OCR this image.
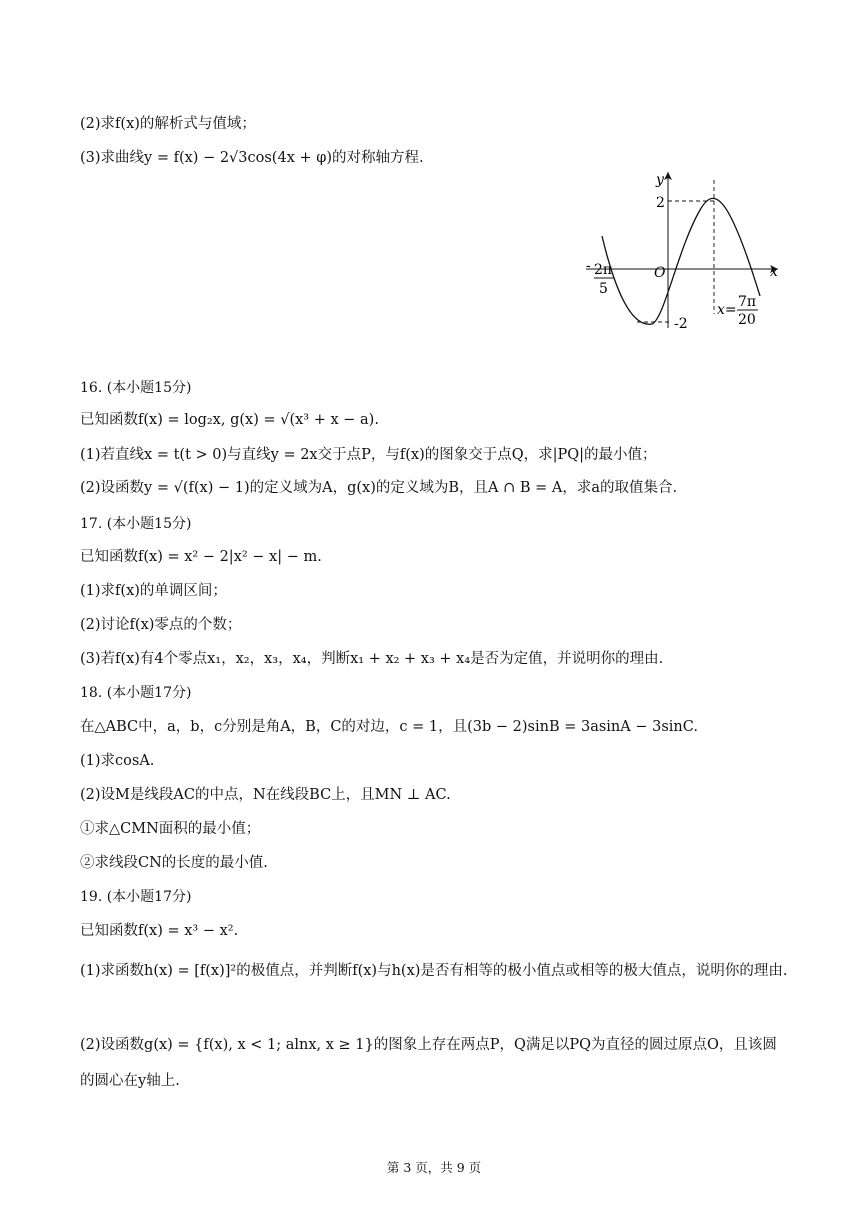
(2)求f(x)的解析式与值域；
(3)求曲线y = f(x) − 2√3cos(4x + φ)的对称轴方程.
y
x
O
2
-2
- 2π
5
x= 7π
20
16. (本小题15分)
已知函数f(x) = log₂x, g(x) = √(x³ + x − a).
(1)若直线x = t(t > 0)与直线y = 2x交于点P，与f(x)的图象交于点Q，求|PQ|的最小值；
(2)设函数y = √(f(x) − 1)的定义域为A，g(x)的定义域为B，且A ∩ B = A，求a的取值集合.
17. (本小题15分)
已知函数f(x) = x² − 2|x² − x| − m.
(1)求f(x)的单调区间；
(2)讨论f(x)零点的个数；
(3)若f(x)有4个零点x₁，x₂，x₃，x₄，判断x₁ + x₂ + x₃ + x₄是否为定值，并说明你的理由.
18. (本小题17分)
在△ABC中，a，b，c分别是角A，B，C的对边，c = 1，且(3b − 2)sinB = 3asinA − 3sinC.
(1)求cosA.
(2)设M是线段AC的中点，N在线段BC上，且MN ⊥ AC.
①求△CMN面积的最小值；
②求线段CN的长度的最小值.
19. (本小题17分)
已知函数f(x) = x³ − x².
(1)求函数h(x) = [f(x)]²的极值点，并判断f(x)与h(x)是否有相等的极小值点或相等的极大值点，说明你的理由.
(2)设函数g(x) = {f(x), x < 1; alnx, x ≥ 1}的图象上存在两点P，Q满足以PQ为直径的圆过原点O，且该圆的圆心在y轴上.
第 3 页，共 9 页
